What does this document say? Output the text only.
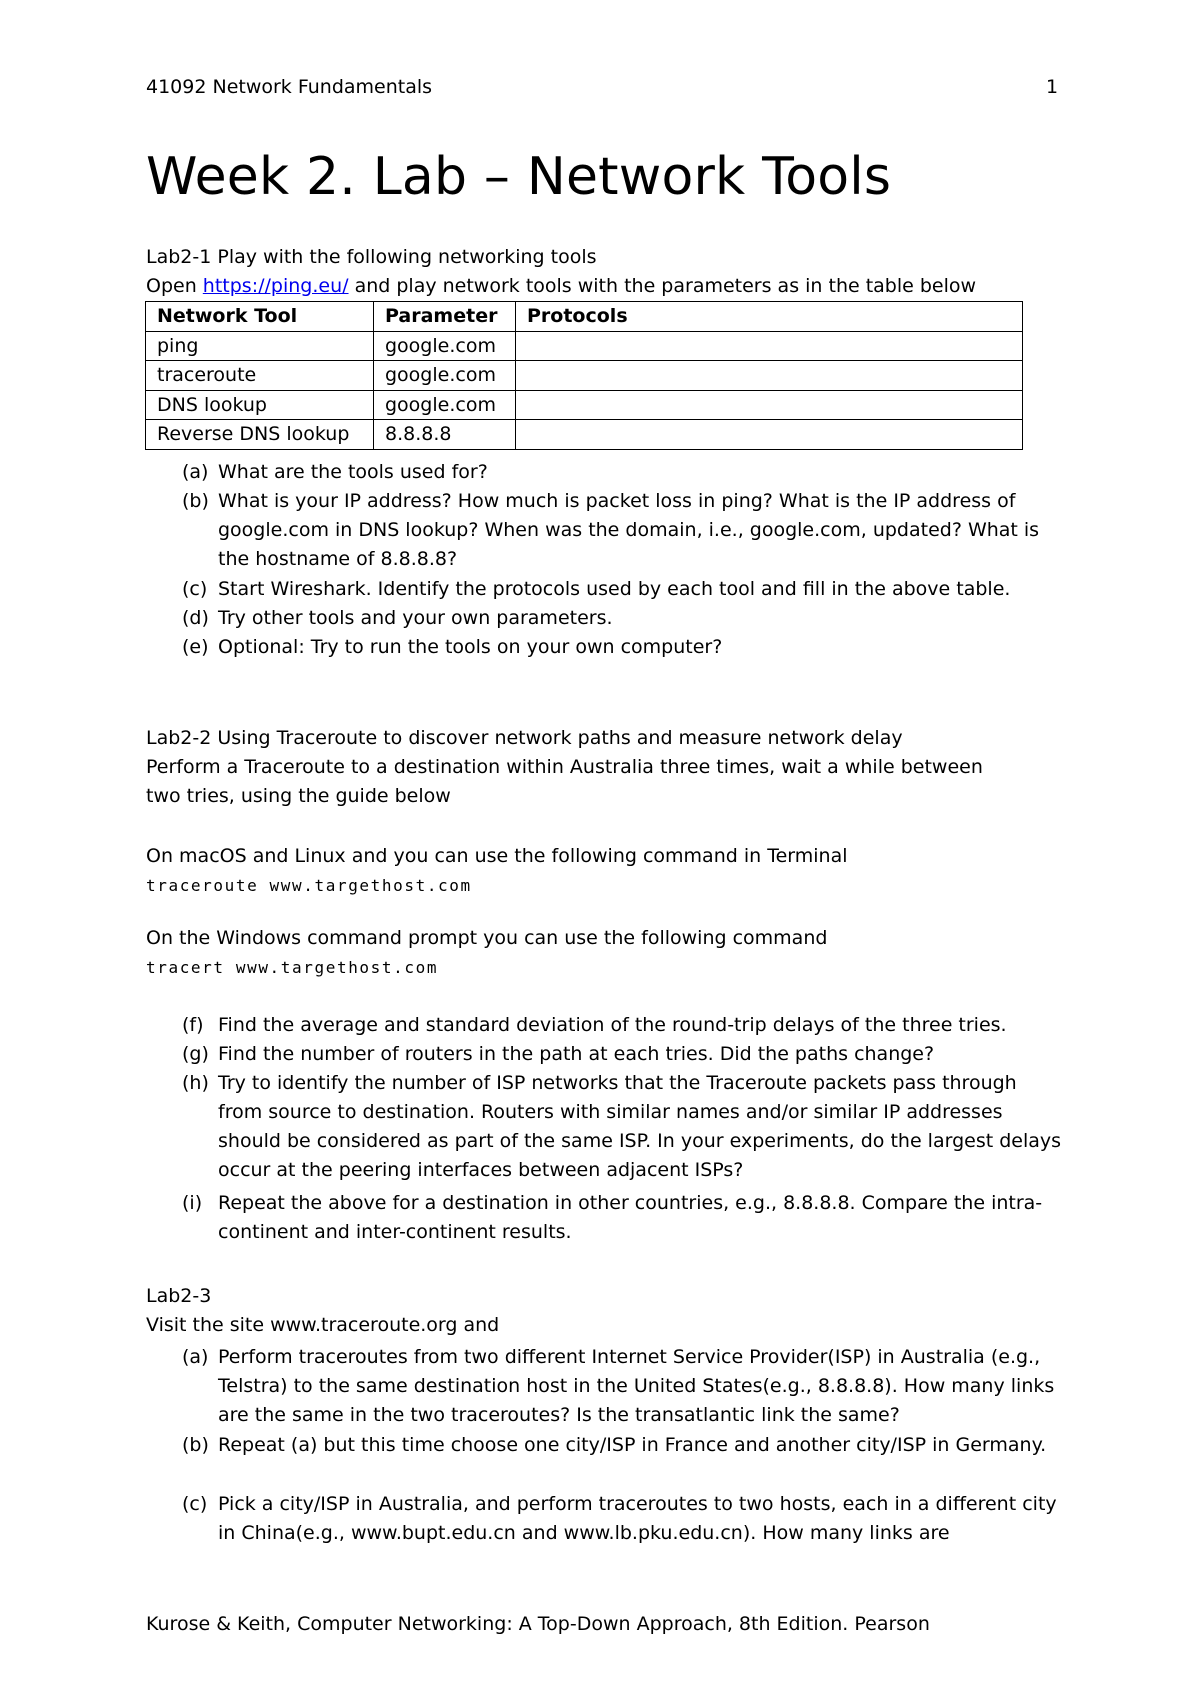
41092 Network Fundamentals	1
Week 2. Lab – Network Tools
Lab2-1 Play with the following networking tools
Open https://ping.eu/ and play network tools with the parameters as in the table below
Network Tool	Parameter	Protocols
ping	google.com	
traceroute	google.com	
DNS lookup	google.com	
Reverse DNS lookup	8.8.8.8	
(a) What are the tools used for?
(b) What is your IP address? How much is packet loss in ping? What is the IP address of google.com in DNS lookup? When was the domain, i.e., google.com, updated? What is the hostname of 8.8.8.8?
(c) Start Wireshark. Identify the protocols used by each tool and fill in the above table.
(d) Try other tools and your own parameters.
(e) Optional: Try to run the tools on your own computer?
Lab2-2 Using Traceroute to discover network paths and measure network delay
Perform a Traceroute to a destination within Australia three times, wait a while between
two tries, using the guide below
On macOS and Linux and you can use the following command in Terminal
traceroute www.targethost.com
On the Windows command prompt you can use the following command
tracert www.targethost.com
(f) Find the average and standard deviation of the round-trip delays of the three tries.
(g) Find the number of routers in the path at each tries. Did the paths change?
(h) Try to identify the number of ISP networks that the Traceroute packets pass through from source to destination. Routers with similar names and/or similar IP addresses should be considered as part of the same ISP. In your experiments, do the largest delays occur at the peering interfaces between adjacent ISPs?
(i) Repeat the above for a destination in other countries, e.g., 8.8.8.8. Compare the intra-continent and inter-continent results.
Lab2-3
Visit the site www.traceroute.org and
(a) Perform traceroutes from two different Internet Service Provider(ISP) in Australia (e.g., Telstra) to the same destination host in the United States(e.g., 8.8.8.8). How many links are the same in the two traceroutes? Is the transatlantic link the same?
(b) Repeat (a) but this time choose one city/ISP in France and another city/ISP in Germany.
(c) Pick a city/ISP in Australia, and perform traceroutes to two hosts, each in a different city in China(e.g., www.bupt.edu.cn and www.lb.pku.edu.cn). How many links are
Kurose & Keith, Computer Networking: A Top-Down Approach, 8th Edition. Pearson
